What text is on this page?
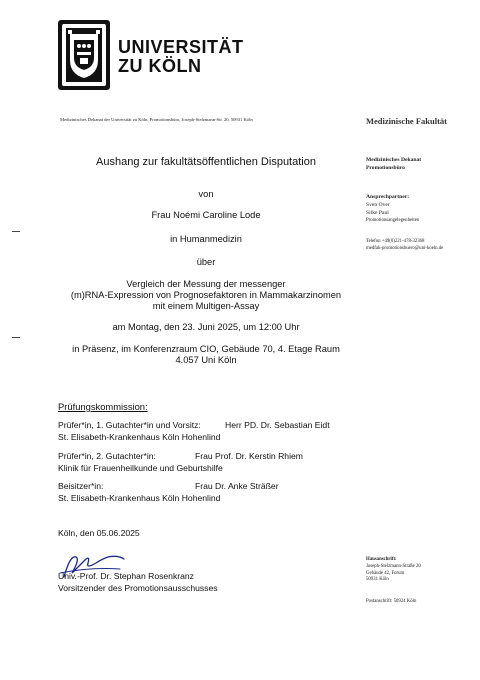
UNIVERSITÄT
ZU KÖLN
Medizinisches Dekanat der Universität zu Köln, Promotionsbüro, Joseph-Stelzmann-Str. 20, 50931 Köln	Medizinische Fakultät
Medizinisches Dekanat
Promotionsbüro
Ansprechpartner:
Sven Over
Silke Paul
Promotionsangelegenheiten
Telefon +49(0)221-478-32368
medfak-promotionsbuero@uni-koeln.de
Hausanschrift:
Joseph-Stelzmann-Straße 20
Gebäude 42, Forum
50931 Köln
Postanschrift: 50924 Köln
Aushang zur fakultätsöffentlichen Disputation
von
Frau Noémi Caroline Lode
in Humanmedizin
über
Vergleich der Messung der messenger
(m)RNA-Expression von Prognosefaktoren in Mammakarzinomen
mit einem Multigen-Assay
am Montag, den 23. Juni 2025, um 12:00 Uhr
in Präsenz, im Konferenzraum CIO, Gebäude 70, 4. Etage Raum
4.057 Uni Köln
Prüfungskommission:
Prüfer*in, 1. Gutachter*in und Vorsitz:	Herr PD. Dr. Sebastian Eidt
St. Elisabeth-Krankenhaus Köln Hohenlind
Prüfer*in, 2. Gutachter*in:	Frau Prof. Dr. Kerstin Rhiem
Klinik für Frauenheilkunde und Geburtshilfe
Beisitzer*in:	Frau Dr. Anke Sträßer
St. Elisabeth-Krankenhaus Köln Hohenlind
Köln, den 05.06.2025
Univ.-Prof. Dr. Stephan Rosenkranz
Vorsitzender des Promotionsausschusses
